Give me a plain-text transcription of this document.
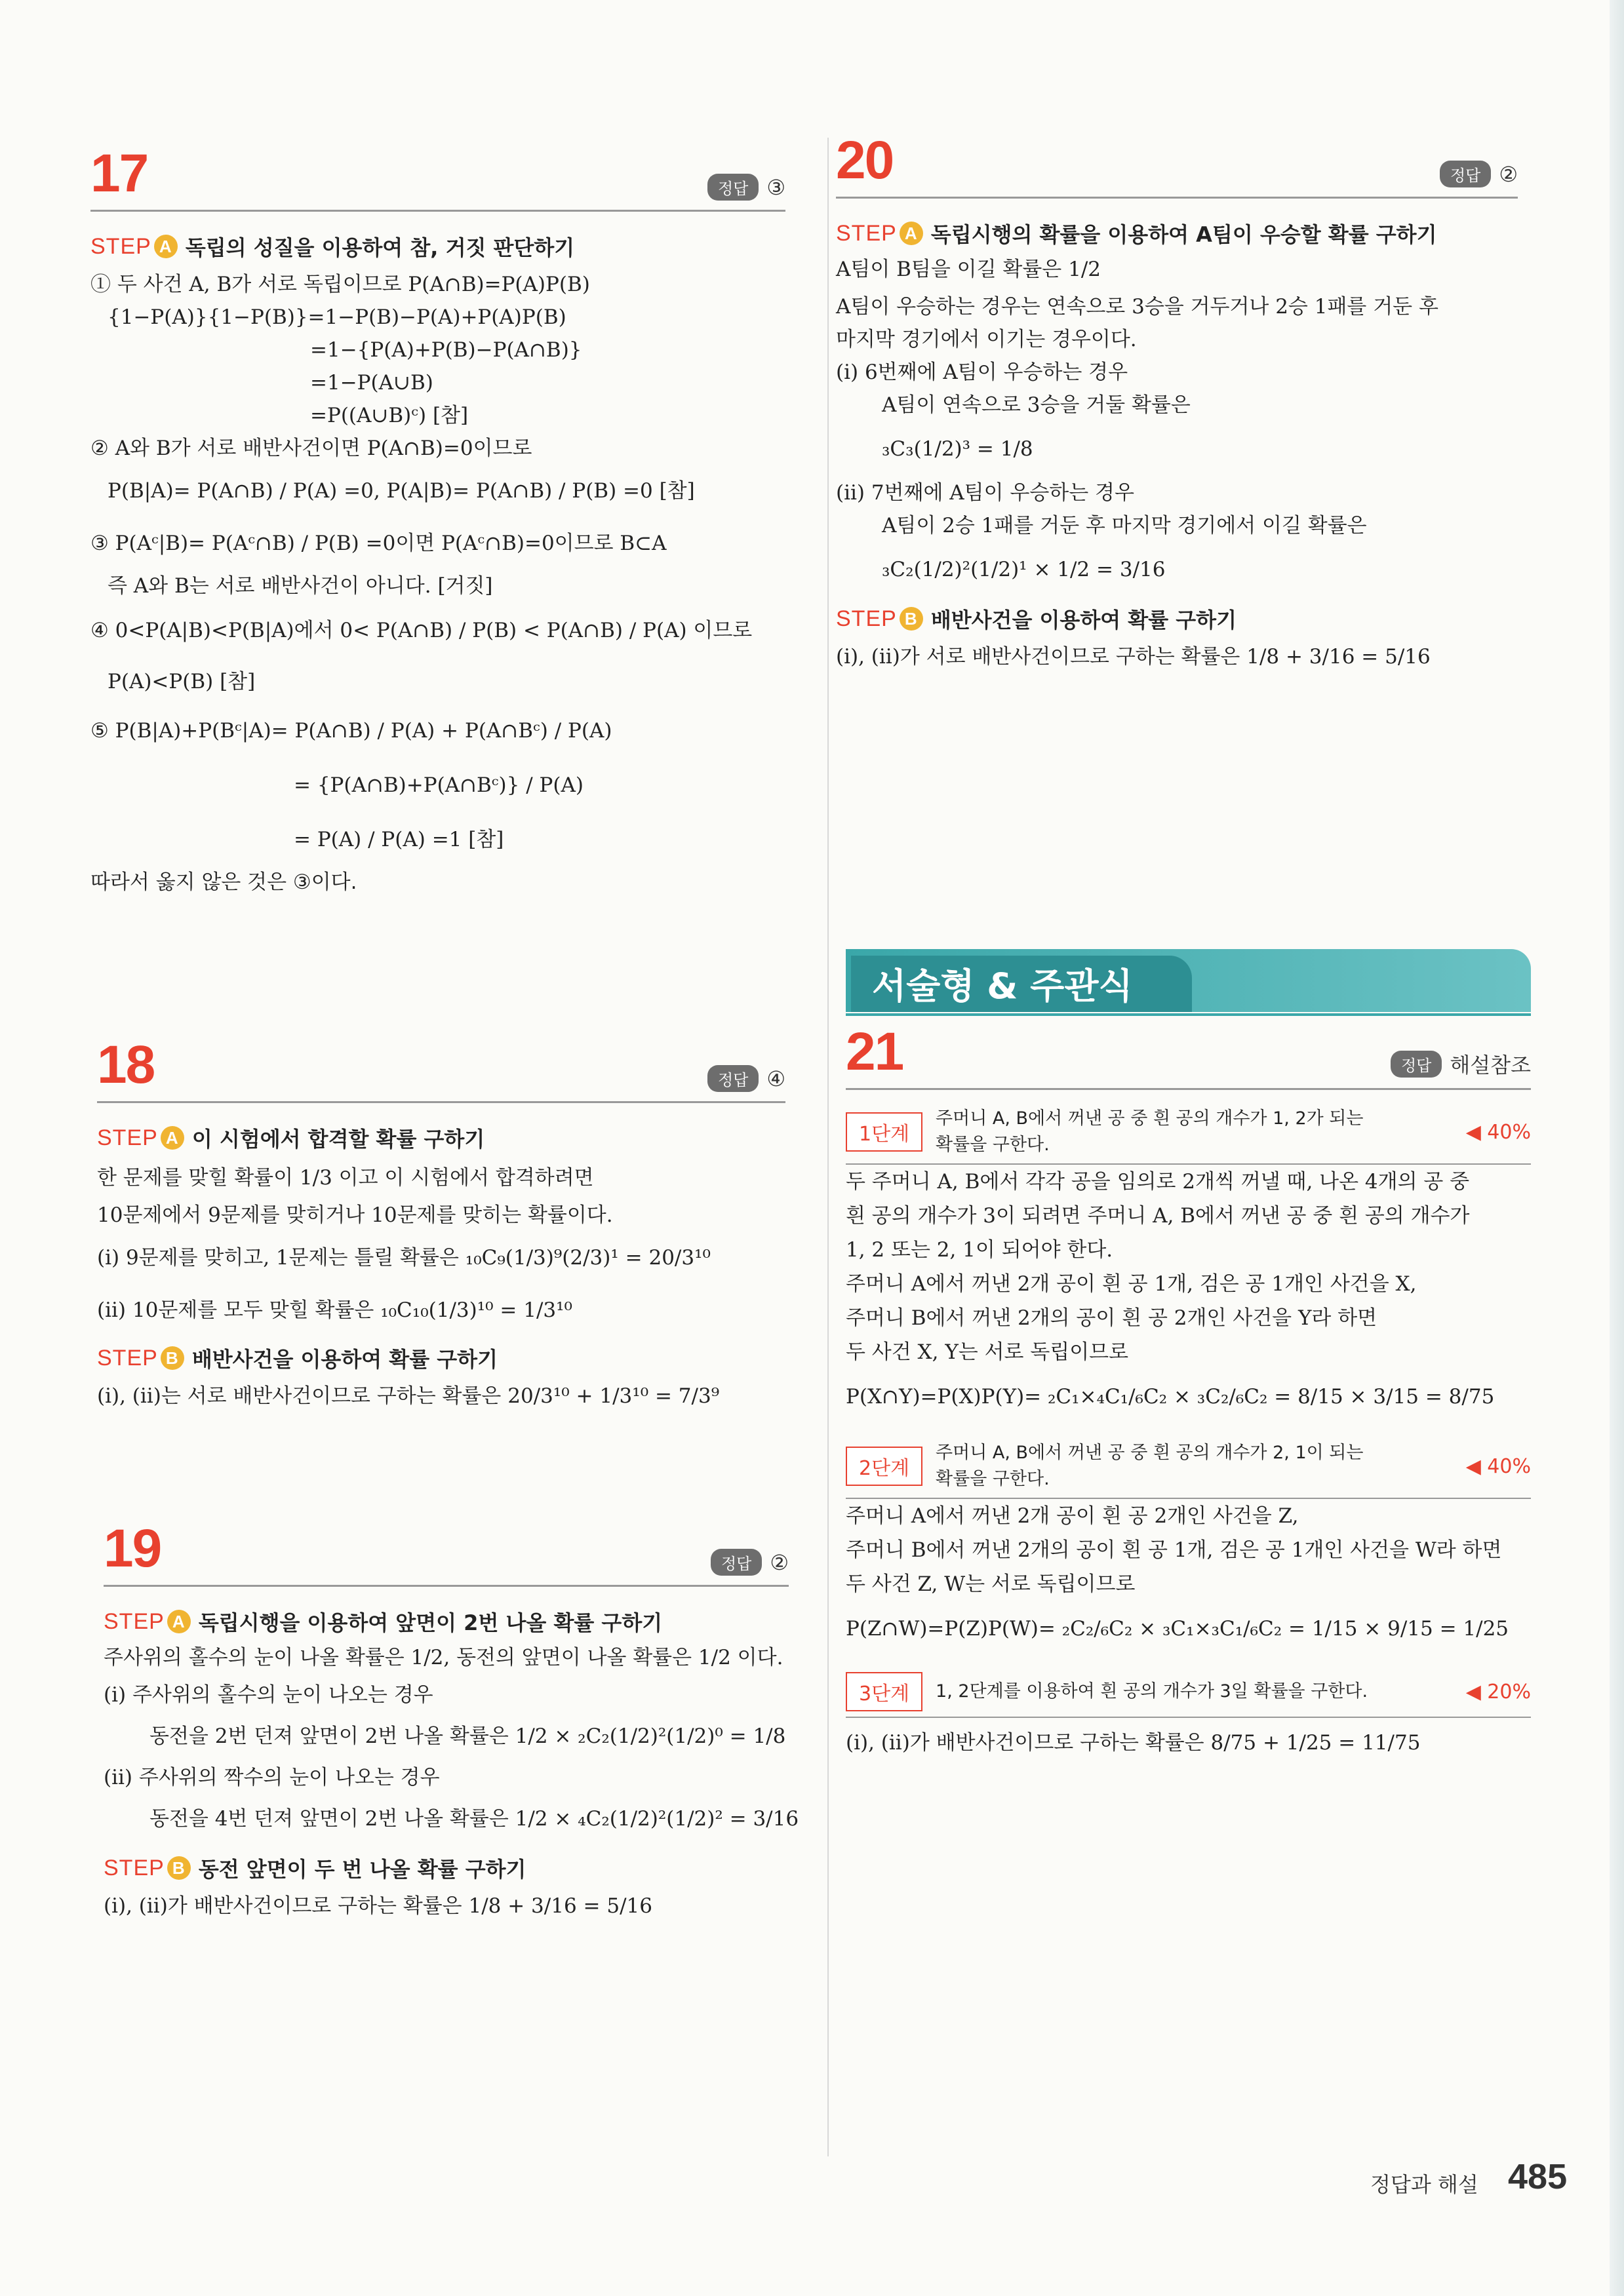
17	정답 ③
STEP A 독립의 성질을 이용하여 참, 거짓 판단하기
① 두 사건 A, B가 서로 독립이므로 P(A∩B)=P(A)P(B)
{1−P(A)}{1−P(B)}=1−P(B)−P(A)+P(A)P(B)
=1−{P(A)+P(B)−P(A∩B)}
=1−P(A∪B)
=P((A∪B)ᶜ) [참]
② A와 B가 서로 배반사건이면 P(A∩B)=0이므로
P(B|A)= P(A∩B) / P(A) =0, P(A|B)= P(A∩B) / P(B) =0 [참]
③ P(Aᶜ|B)= P(Aᶜ∩B) / P(B) =0이면 P(Aᶜ∩B)=0이므로 B⊂A
즉 A와 B는 서로 배반사건이 아니다. [거짓]
④ 0<P(A|B)<P(B|A)에서 0< P(A∩B) / P(B) < P(A∩B) / P(A) 이므로
P(A)<P(B) [참]
⑤ P(B|A)+P(Bᶜ|A)= P(A∩B) / P(A) + P(A∩Bᶜ) / P(A)
= {P(A∩B)+P(A∩Bᶜ)} / P(A)
= P(A) / P(A) =1 [참]
따라서 옳지 않은 것은 ③이다.
18	정답 ④
STEP A 이 시험에서 합격할 확률 구하기
한 문제를 맞힐 확률이 1/3 이고 이 시험에서 합격하려면
10문제에서 9문제를 맞히거나 10문제를 맞히는 확률이다.
(ⅰ) 9문제를 맞히고, 1문제는 틀릴 확률은 ₁₀C₉(1/3)⁹(2/3)¹ = 20/3¹⁰
(ⅱ) 10문제를 모두 맞힐 확률은 ₁₀C₁₀(1/3)¹⁰ = 1/3¹⁰
STEP B 배반사건을 이용하여 확률 구하기
(ⅰ), (ⅱ)는 서로 배반사건이므로 구하는 확률은 20/3¹⁰ + 1/3¹⁰ = 7/3⁹
19	정답 ②
STEP A 독립시행을 이용하여 앞면이 2번 나올 확률 구하기
주사위의 홀수의 눈이 나올 확률은 1/2, 동전의 앞면이 나올 확률은 1/2 이다.
(ⅰ) 주사위의 홀수의 눈이 나오는 경우
동전을 2번 던져 앞면이 2번 나올 확률은 1/2 × ₂C₂(1/2)²(1/2)⁰ = 1/8
(ⅱ) 주사위의 짝수의 눈이 나오는 경우
동전을 4번 던져 앞면이 2번 나올 확률은 1/2 × ₄C₂(1/2)²(1/2)² = 3/16
STEP B 동전 앞면이 두 번 나올 확률 구하기
(ⅰ), (ⅱ)가 배반사건이므로 구하는 확률은 1/8 + 3/16 = 5/16
20	정답 ②
STEP A 독립시행의 확률을 이용하여 A팀이 우승할 확률 구하기
A팀이 B팀을 이길 확률은 1/2
A팀이 우승하는 경우는 연속으로 3승을 거두거나 2승 1패를 거둔 후
마지막 경기에서 이기는 경우이다.
(ⅰ) 6번째에 A팀이 우승하는 경우
A팀이 연속으로 3승을 거둘 확률은
₃C₃(1/2)³ = 1/8
(ⅱ) 7번째에 A팀이 우승하는 경우
A팀이 2승 1패를 거둔 후 마지막 경기에서 이길 확률은
₃C₂(1/2)²(1/2)¹ × 1/2 = 3/16
STEP B 배반사건을 이용하여 확률 구하기
(ⅰ), (ⅱ)가 서로 배반사건이므로 구하는 확률은 1/8 + 3/16 = 5/16
서술형 & 주관식
21	정답 해설참조
1단계
주머니 A, B에서 꺼낸 공 중 흰 공의 개수가 1, 2가 되는
확률을 구한다.
◀ 40%
두 주머니 A, B에서 각각 공을 임의로 2개씩 꺼낼 때, 나온 4개의 공 중
흰 공의 개수가 3이 되려면 주머니 A, B에서 꺼낸 공 중 흰 공의 개수가
1, 2 또는 2, 1이 되어야 한다.
주머니 A에서 꺼낸 2개 공이 흰 공 1개, 검은 공 1개인 사건을 X,
주머니 B에서 꺼낸 2개의 공이 흰 공 2개인 사건을 Y라 하면
두 사건 X, Y는 서로 독립이므로
P(X∩Y)=P(X)P(Y)= ₂C₁×₄C₁/₆C₂ × ₃C₂/₆C₂ = 8/15 × 3/15 = 8/75
2단계
주머니 A, B에서 꺼낸 공 중 흰 공의 개수가 2, 1이 되는
확률을 구한다.
◀ 40%
주머니 A에서 꺼낸 2개 공이 흰 공 2개인 사건을 Z,
주머니 B에서 꺼낸 2개의 공이 흰 공 1개, 검은 공 1개인 사건을 W라 하면
두 사건 Z, W는 서로 독립이므로
P(Z∩W)=P(Z)P(W)= ₂C₂/₆C₂ × ₃C₁×₃C₁/₆C₂ = 1/15 × 9/15 = 1/25
3단계	1, 2단계를 이용하여 흰 공의 개수가 3일 확률을 구한다.	◀ 20%
(ⅰ), (ⅱ)가 배반사건이므로 구하는 확률은 8/75 + 1/25 = 11/75
정답과 해설 485
